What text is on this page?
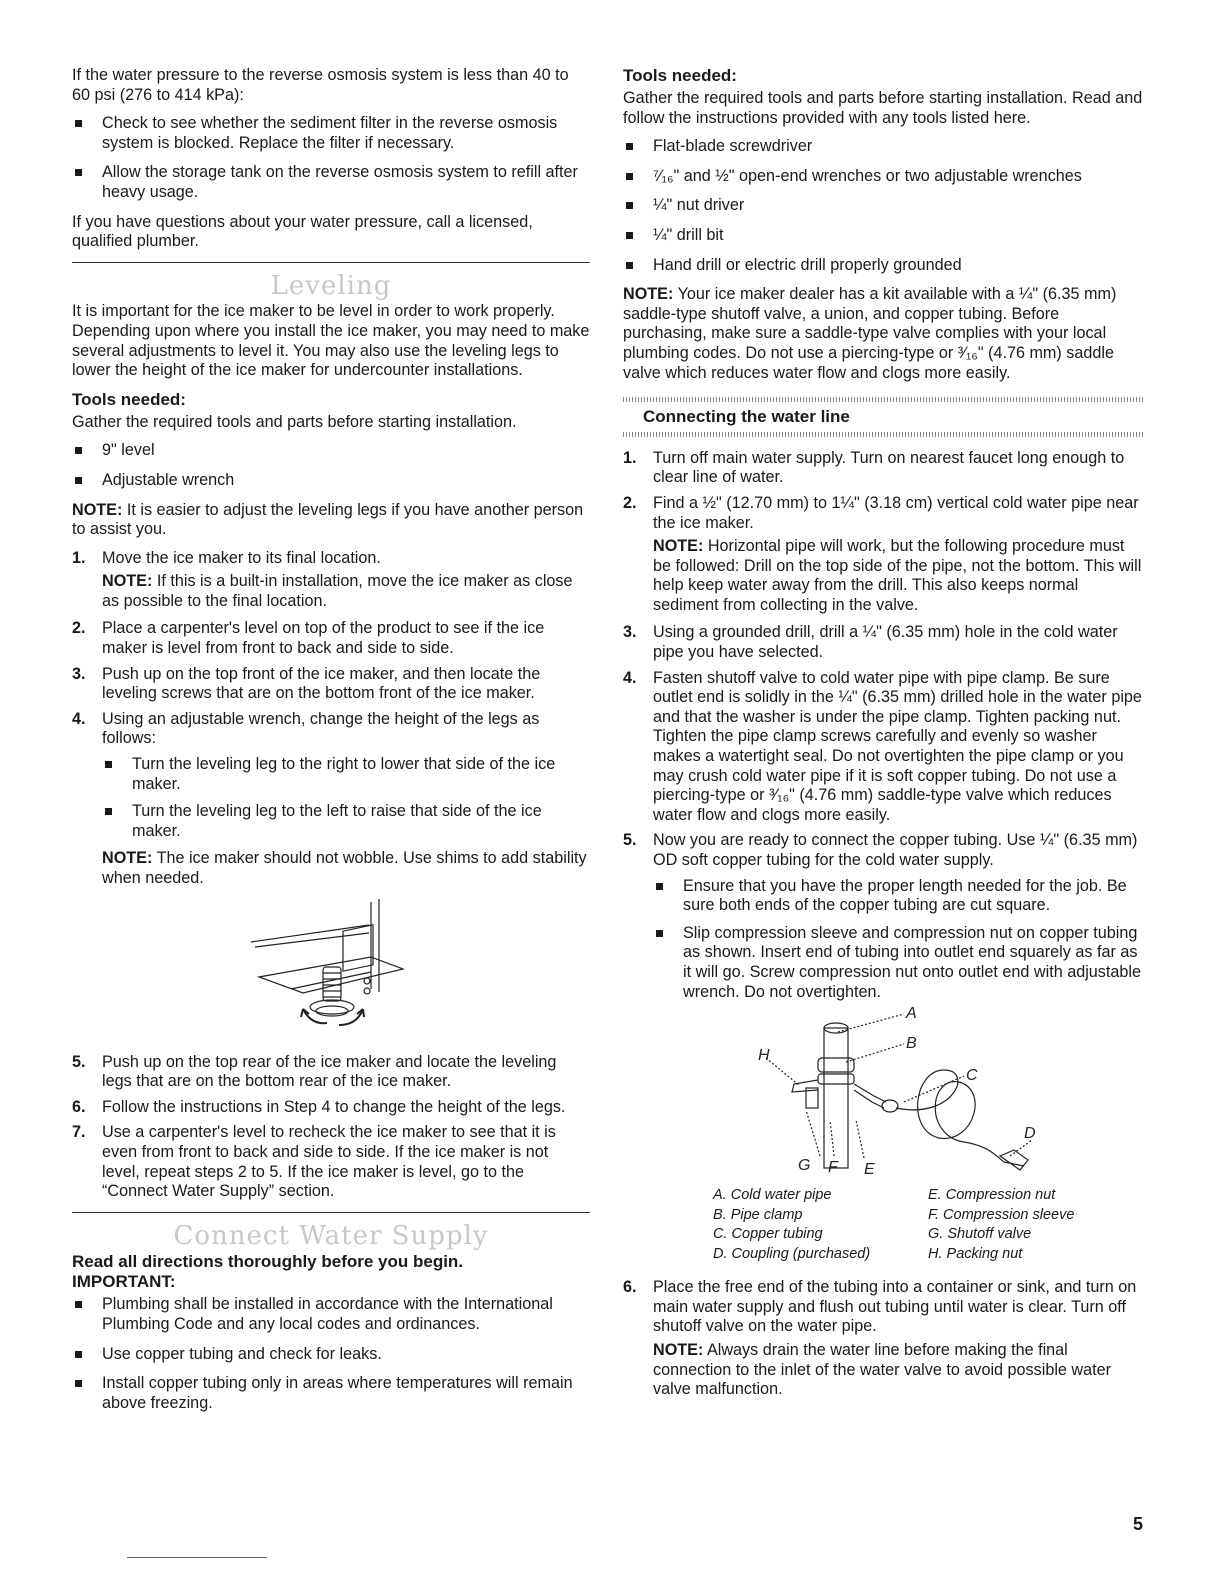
If the water pressure to the reverse osmosis system is less than 40 to 60 psi (276 to 414 kPa):

Check to see whether the sediment filter in the reverse osmosis system is blocked. Replace the filter if necessary.
Allow the storage tank on the reverse osmosis system to refill after heavy usage.

If you have questions about your water pressure, call a licensed, qualified plumber.

Leveling

It is important for the ice maker to be level in order to work properly. Depending upon where you install the ice maker, you may need to make several adjustments to level it. You may also use the leveling legs to lower the height of the ice maker for undercounter installations.

Tools needed:

Gather the required tools and parts before starting installation.

9" level
Adjustable wrench

NOTE: It is easier to adjust the leveling legs if you have another person to assist you.

1. Move the ice maker to its final location.
NOTE: If this is a built-in installation, move the ice maker as close as possible to the final location.
2. Place a carpenter's level on top of the product to see if the ice maker is level from front to back and side to side.
3. Push up on the top front of the ice maker, and then locate the leveling screws that are on the bottom front of the ice maker.
4. Using an adjustable wrench, change the height of the legs as follows:
Turn the leveling leg to the right to lower that side of the ice maker.
Turn the leveling leg to the left to raise that side of the ice maker.
NOTE: The ice maker should not wobble. Use shims to add stability when needed.
5. Push up on the top rear of the ice maker and locate the leveling legs that are on the bottom rear of the ice maker.
6. Follow the instructions in Step 4 to change the height of the legs.
7. Use a carpenter's level to recheck the ice maker to see that it is even from front to back and side to side. If the ice maker is not level, repeat steps 2 to 5. If the ice maker is level, go to the “Connect Water Supply” section.
Connect Water Supply
Read all directions thoroughly before you begin.
IMPORTANT:
Plumbing shall be installed in accordance with the International Plumbing Code and any local codes and ordinances.
Use copper tubing and check for leaks.
Install copper tubing only in areas where temperatures will remain above freezing.
Tools needed:

Gather the required tools and parts before starting installation. Read and follow the instructions provided with any tools listed here.

Flat-blade screwdriver
⁷⁄₁₆" and ½" open-end wrenches or two adjustable wrenches
¼" nut driver
¼" drill bit
Hand drill or electric drill properly grounded

NOTE: Your ice maker dealer has a kit available with a ¼" (6.35 mm) saddle-type shutoff valve, a union, and copper tubing. Before purchasing, make sure a saddle-type valve complies with your local plumbing codes. Do not use a piercing-type or ³⁄₁₆" (4.76 mm) saddle valve which reduces water flow and clogs more easily.

Connecting the water line
1. Turn off main water supply. Turn on nearest faucet long enough to clear line of water.
2. Find a ½" (12.70 mm) to 1¼" (3.18 cm) vertical cold water pipe near the ice maker.
NOTE: Horizontal pipe will work, but the following procedure must be followed: Drill on the top side of the pipe, not the bottom. This will help keep water away from the drill. This also keeps normal sediment from collecting in the valve.
3. Using a grounded drill, drill a ¼" (6.35 mm) hole in the cold water pipe you have selected.
4. Fasten shutoff valve to cold water pipe with pipe clamp. Be sure outlet end is solidly in the ¼" (6.35 mm) drilled hole in the water pipe and that the washer is under the pipe clamp. Tighten packing nut. Tighten the pipe clamp screws carefully and evenly so washer makes a watertight seal. Do not overtighten the pipe clamp or you may crush cold water pipe if it is soft copper tubing. Do not use a piercing-type or ³⁄₁₆" (4.76 mm) saddle-type valve which reduces water flow and clogs more easily.
5. Now you are ready to connect the copper tubing. Use ¼" (6.35 mm) OD soft copper tubing for the cold water supply.
Ensure that you have the proper length needed for the job. Be sure both ends of the copper tubing are cut square.
Slip compression sleeve and compression nut on copper tubing as shown. Insert end of tubing into outlet end squarely as far as it will go. Screw compression nut onto outlet end with adjustable wrench. Do not overtighten.
A
B
C
D
E
F
G
H
A. Cold water pipe	E. Compression nut
B. Pipe clamp	F. Compression sleeve
C. Copper tubing	G. Shutoff valve
D. Coupling (purchased)	H. Packing nut
6. Place the free end of the tubing into a container or sink, and turn on main water supply and flush out tubing until water is clear. Turn off shutoff valve on the water pipe.
NOTE: Always drain the water line before making the final connection to the inlet of the water valve to avoid possible water valve malfunction.
5
